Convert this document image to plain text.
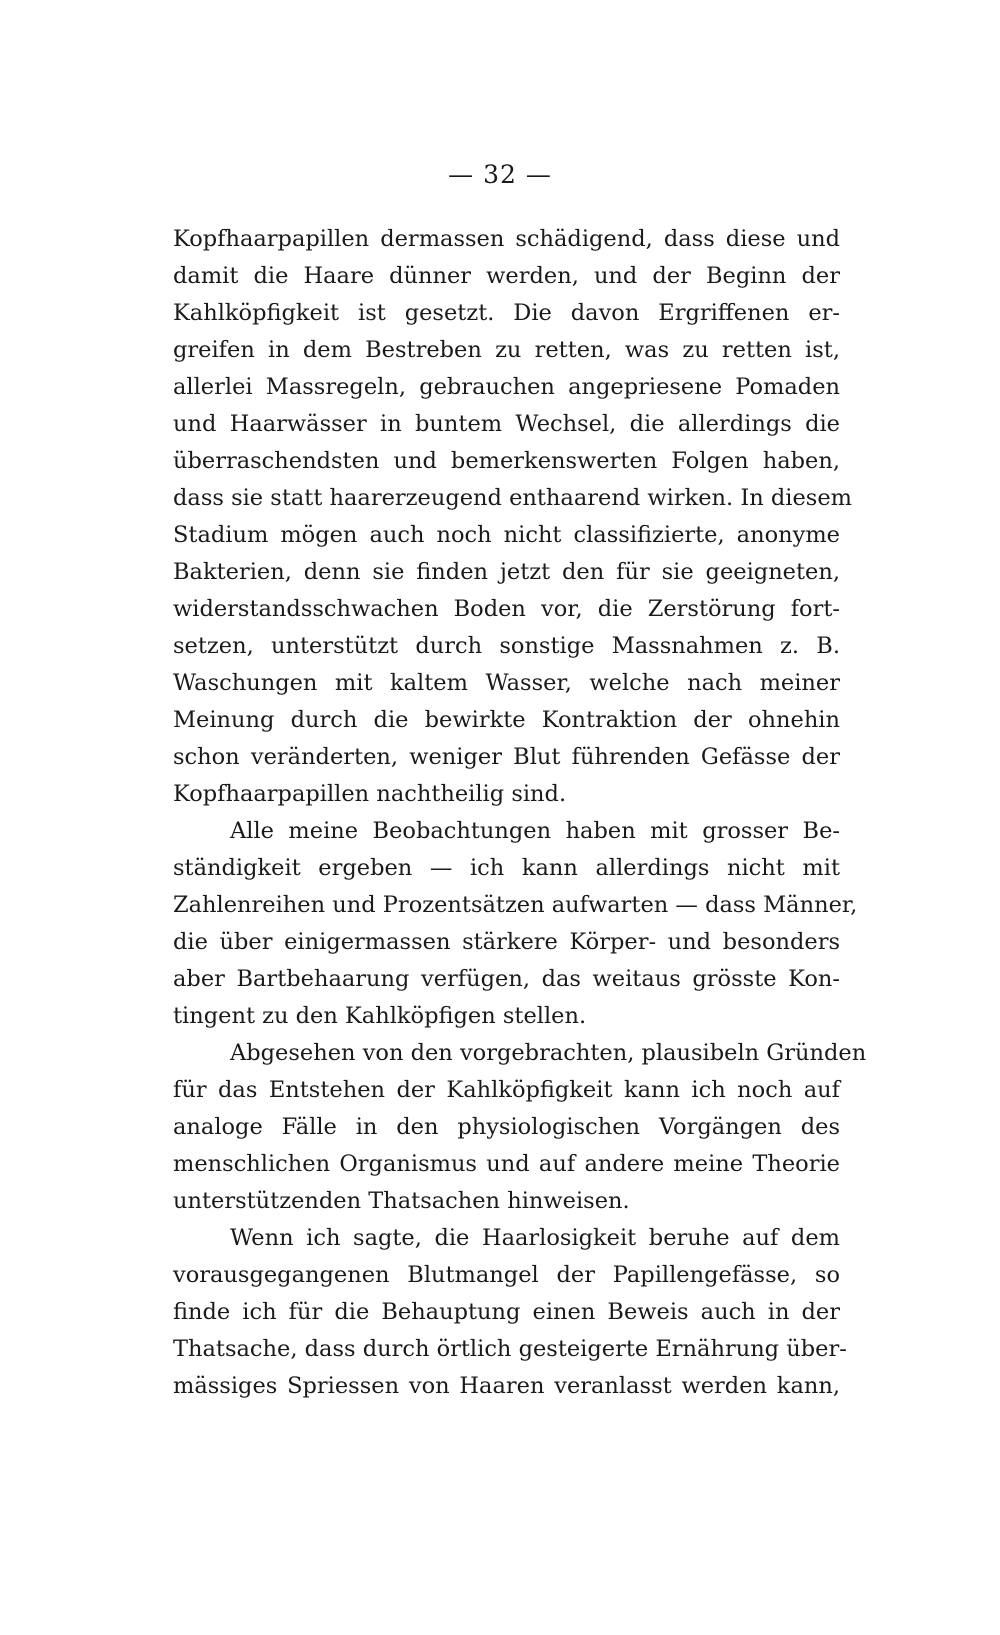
— 32 —
Kopfhaarpapillen dermassen schädigend, dass diese und
damit die Haare dünner werden, und der Beginn der
Kahlköpfigkeit ist gesetzt. Die davon Ergriffenen er-
greifen in dem Bestreben zu retten, was zu retten ist,
allerlei Massregeln, gebrauchen angepriesene Pomaden
und Haarwässer in buntem Wechsel, die allerdings die
überraschendsten und bemerkenswerten Folgen haben,
dass sie statt haarerzeugend enthaarend wirken. In diesem
Stadium mögen auch noch nicht classifizierte, anonyme
Bakterien, denn sie finden jetzt den für sie geeigneten,
widerstandsschwachen Boden vor, die Zerstörung fort-
setzen, unterstützt durch sonstige Massnahmen z. B.
Waschungen mit kaltem Wasser, welche nach meiner
Meinung durch die bewirkte Kontraktion der ohnehin
schon veränderten, weniger Blut führenden Gefässe der
Kopfhaarpapillen nachtheilig sind.
Alle meine Beobachtungen haben mit grosser Be-
ständigkeit ergeben — ich kann allerdings nicht mit
Zahlenreihen und Prozentsätzen aufwarten — dass Männer,
die über einigermassen stärkere Körper- und besonders
aber Bartbehaarung verfügen, das weitaus grösste Kon-
tingent zu den Kahlköpfigen stellen.
Abgesehen von den vorgebrachten, plausibeln Gründen
für das Entstehen der Kahlköpfigkeit kann ich noch auf
analoge Fälle in den physiologischen Vorgängen des
menschlichen Organismus und auf andere meine Theorie
unterstützenden Thatsachen hinweisen.
Wenn ich sagte, die Haarlosigkeit beruhe auf dem
vorausgegangenen Blutmangel der Papillengefässe, so
finde ich für die Behauptung einen Beweis auch in der
Thatsache, dass durch örtlich gesteigerte Ernährung über-
mässiges Spriessen von Haaren veranlasst werden kann,
